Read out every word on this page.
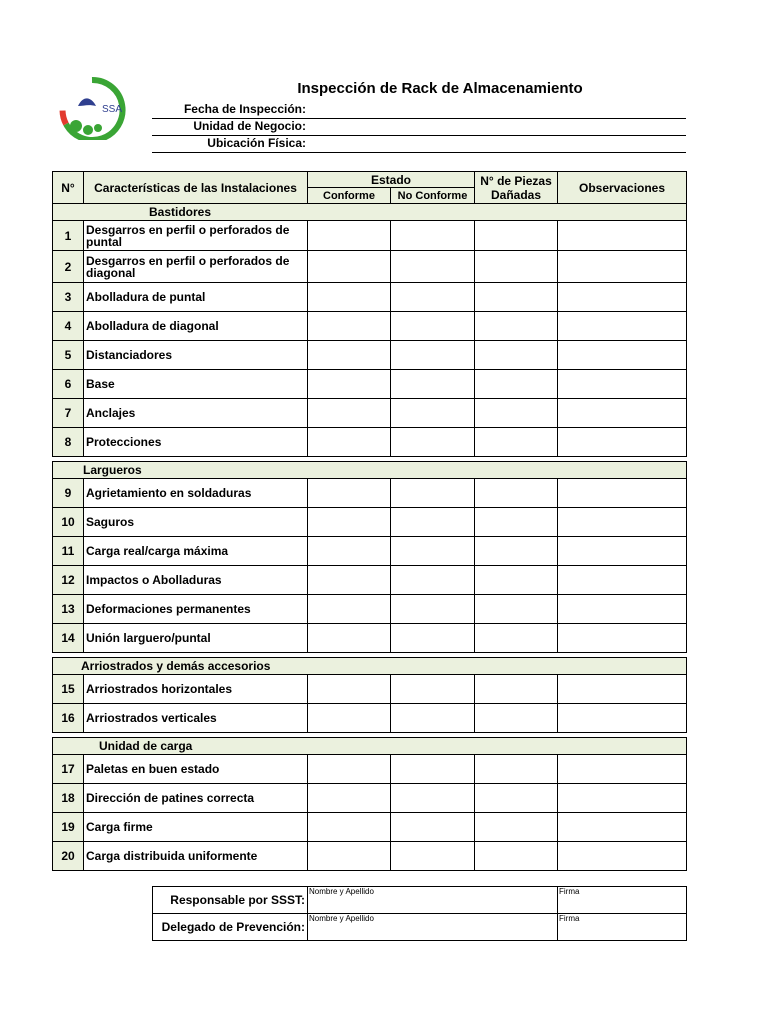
SSA
Inspección de Rack de Almacenamiento
Fecha de Inspección:
Unidad de Negocio:
Ubicación Física:
N°	Características de las Instalaciones	Estado		N° de Piezas Dañadas	Observaciones
		Conforme	No Conforme		
Bastidores					
1	Desgarros en perfil o perforados de puntal				
2	Desgarros en perfil o perforados de diagonal				
3	Abolladura de puntal				
4	Abolladura de diagonal				
5	Distanciadores				
6	Base				
7	Anclajes				
8	Protecciones				

Largueros					
9	Agrietamiento en soldaduras				
10	Saguros				
11	Carga real/carga máxima				
12	Impactos o Abolladuras				
13	Deformaciones permanentes				
14	Unión larguero/puntal				

Arriostrados y demás accesorios					
15	Arriostrados horizontales				
16	Arriostrados verticales				

Unidad de carga					
17	Paletas en buen estado				
18	Dirección de patines correcta				
19	Carga firme				
20	Carga distribuida uniformente				
Responsable por SSST:	Nombre y Apellido	Firma

Delegado de Prevención:	Nombre y Apellido	Firma
